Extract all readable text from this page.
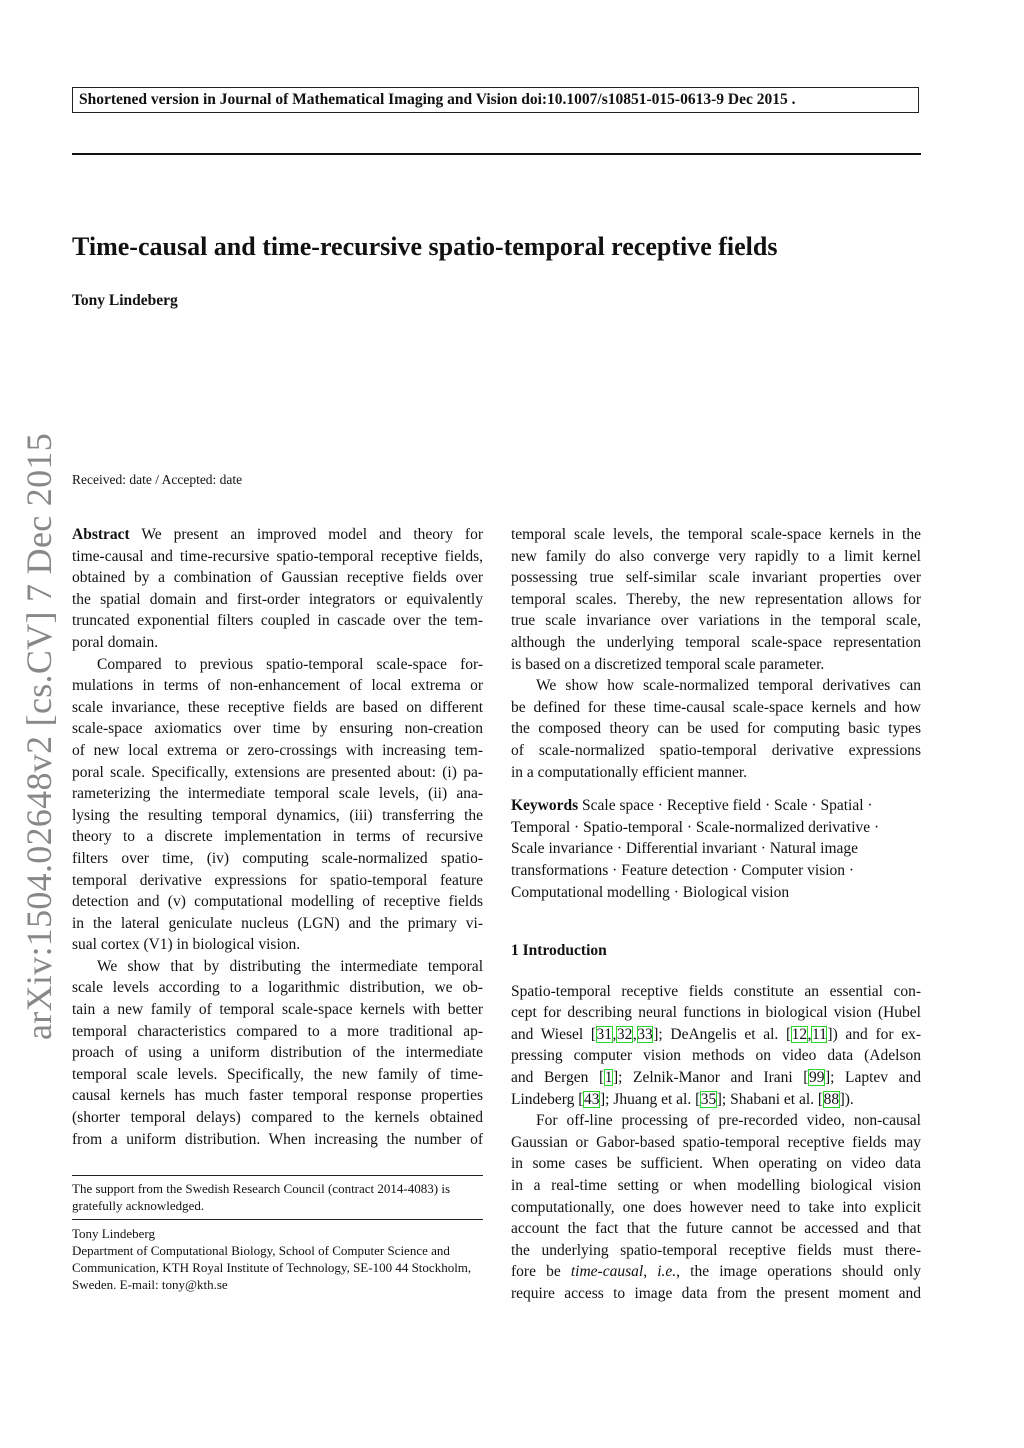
Shortened version in Journal of Mathematical Imaging and Vision doi:10.1007/s10851-015-0613-9 Dec 2015 .
Time-causal and time-recursive spatio-temporal receptive fields
Tony Lindeberg
Received: date / Accepted: date
arXiv:1504.02648v2 [cs.CV] 7 Dec 2015 Abstract We present an improved model and theory for
time-causal and time-recursive spatio-temporal receptive fields,
obtained by a combination of Gaussian receptive fields over
the spatial domain and first-order integrators or equivalently
truncated exponential filters coupled in cascade over the tem-
poral domain.
Compared to previous spatio-temporal scale-space for-
mulations in terms of non-enhancement of local extrema or
scale invariance, these receptive fields are based on different
scale-space axiomatics over time by ensuring non-creation
of new local extrema or zero-crossings with increasing tem-
poral scale. Specifically, extensions are presented about: (i) pa-
rameterizing the intermediate temporal scale levels, (ii) ana-
lysing the resulting temporal dynamics, (iii) transferring the
theory to a discrete implementation in terms of recursive
filters over time, (iv) computing scale-normalized spatio-
temporal derivative expressions for spatio-temporal feature
detection and (v) computational modelling of receptive fields
in the lateral geniculate nucleus (LGN) and the primary vi-
sual cortex (V1) in biological vision.
We show that by distributing the intermediate temporal
scale levels according to a logarithmic distribution, we ob-
tain a new family of temporal scale-space kernels with better
temporal characteristics compared to a more traditional ap-
proach of using a uniform distribution of the intermediate
temporal scale levels. Specifically, the new family of time-
causal kernels has much faster temporal response properties
(shorter temporal delays) compared to the kernels obtained
from a uniform distribution. When increasing the number of
temporal scale levels, the temporal scale-space kernels in the
new family do also converge very rapidly to a limit kernel
possessing true self-similar scale invariant properties over
temporal scales. Thereby, the new representation allows for
true scale invariance over variations in the temporal scale,
although the underlying temporal scale-space representation
is based on a discretized temporal scale parameter.
We show how scale-normalized temporal derivatives can
be defined for these time-causal scale-space kernels and how
the composed theory can be used for computing basic types
of scale-normalized spatio-temporal derivative expressions
in a computationally efficient manner.
Keywords Scale space · Receptive field · Scale · Spatial ·
Temporal · Spatio-temporal · Scale-normalized derivative ·
Scale invariance · Differential invariant · Natural image
transformations · Feature detection · Computer vision ·
Computational modelling · Biological vision
1 Introduction
Spatio-temporal receptive fields constitute an essential con-
cept for describing neural functions in biological vision (Hubel
and Wiesel [31,32,33]; DeAngelis et al. [12,11]) and for ex-
pressing computer vision methods on video data (Adelson
and Bergen [1]; Zelnik-Manor and Irani [99]; Laptev and
Lindeberg [43]; Jhuang et al. [35]; Shabani et al. [88]).
For off-line processing of pre-recorded video, non-causal
Gaussian or Gabor-based spatio-temporal receptive fields may
in some cases be sufficient. When operating on video data
in a real-time setting or when modelling biological vision
computationally, one does however need to take into explicit
account the fact that the future cannot be accessed and that
the underlying spatio-temporal receptive fields must there-
fore be time-causal, i.e., the image operations should only
require access to image data from the present moment and
The support from the Swedish Research Council (contract 2014-4083) is gratefully acknowledged.
Tony Lindeberg
Department of Computational Biology, School of Computer Science and Communication, KTH Royal Institute of Technology, SE-100 44 Stockholm, Sweden. E-mail: tony@kth.se
